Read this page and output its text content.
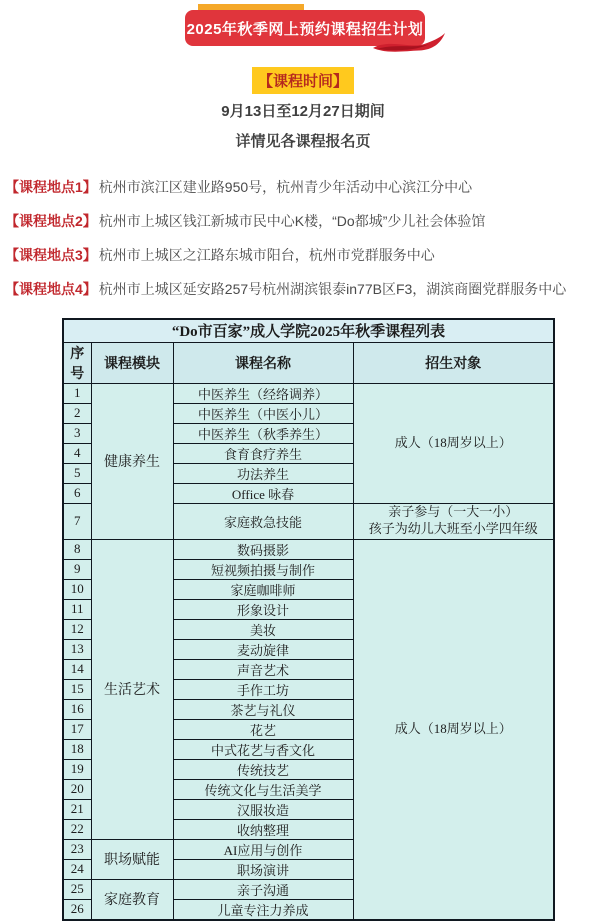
2025年秋季网上预约课程招生计划
【课程时间】
9月13日至12月27日期间
详情见各课程报名页
【课程地点1】 杭州市滨江区建业路950号，杭州青少年活动中心滨江分中心
【课程地点2】 杭州市上城区钱江新城市民中心K楼，“Do都城”少儿社会体验馆
【课程地点3】 杭州市上城区之江路东城市阳台，杭州市党群服务中心
【课程地点4】 杭州市上城区延安路257号杭州湖滨银泰in77B区F3，湖滨商圈党群服务中心
“Do市百家”成人学院2025年秋季课程列表			
序号	课程模块	课程名称	招生对象
1	健康养生	中医养生（经络调养）	成人（18周岁以上）
2		中医养生（中医小儿）	
3		中医养生（秋季养生）	
4		食育食疗养生	
5		功法养生	
6		Office 咏春	
7		家庭救急技能	亲子参与（一大一小）
孩子为幼儿大班至小学四年级
8	生活艺术	数码摄影	成人（18周岁以上）
9		短视频拍摄与制作	
10		家庭咖啡师	
11		形象设计	
12		美妆	
13		麦动旋律	
14		声音艺术	
15		手作工坊	
16		茶艺与礼仪	
17		花艺	
18		中式花艺与香文化	
19		传统技艺	
20		传统文化与生活美学	
21		汉服妆造	
22		收纳整理	
23	职场赋能	AI应用与创作	
24		职场演讲	
25	家庭教育	亲子沟通	
26		儿童专注力养成	
